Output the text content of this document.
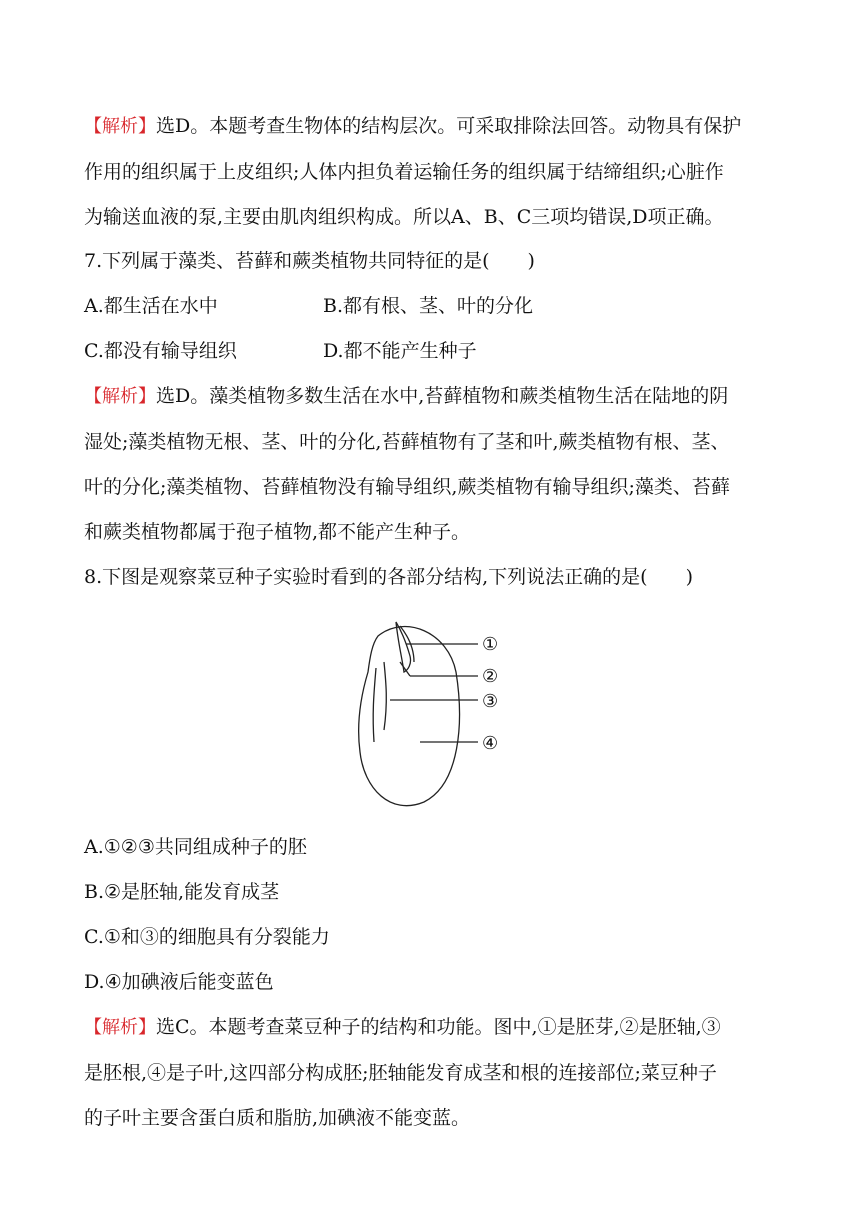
【解析】选D。本题考查生物体的结构层次。可采取排除法回答。动物具有保护
作用的组织属于上皮组织;人体内担负着运输任务的组织属于结缔组织;心脏作
为输送血液的泵,主要由肌肉组织构成。所以A、B、C三项均错误,D项正确。
7.下列属于藻类、苔藓和蕨类植物共同特征的是(　　)
A.都生活在水中	B.都有根、茎、叶的分化
C.都没有输导组织	D.都不能产生种子
【解析】选D。藻类植物多数生活在水中,苔藓植物和蕨类植物生活在陆地的阴
湿处;藻类植物无根、茎、叶的分化,苔藓植物有了茎和叶,蕨类植物有根、茎、
叶的分化;藻类植物、苔藓植物没有输导组织,蕨类植物有输导组织;藻类、苔藓
和蕨类植物都属于孢子植物,都不能产生种子。
8.下图是观察菜豆种子实验时看到的各部分结构,下列说法正确的是(　　)
①
②
③
④
A.①②③共同组成种子的胚
B.②是胚轴,能发育成茎
C.①和③的细胞具有分裂能力
D.④加碘液后能变蓝色
【解析】选C。本题考查菜豆种子的结构和功能。图中,①是胚芽,②是胚轴,③
是胚根,④是子叶,这四部分构成胚;胚轴能发育成茎和根的连接部位;菜豆种子
的子叶主要含蛋白质和脂肪,加碘液不能变蓝。
